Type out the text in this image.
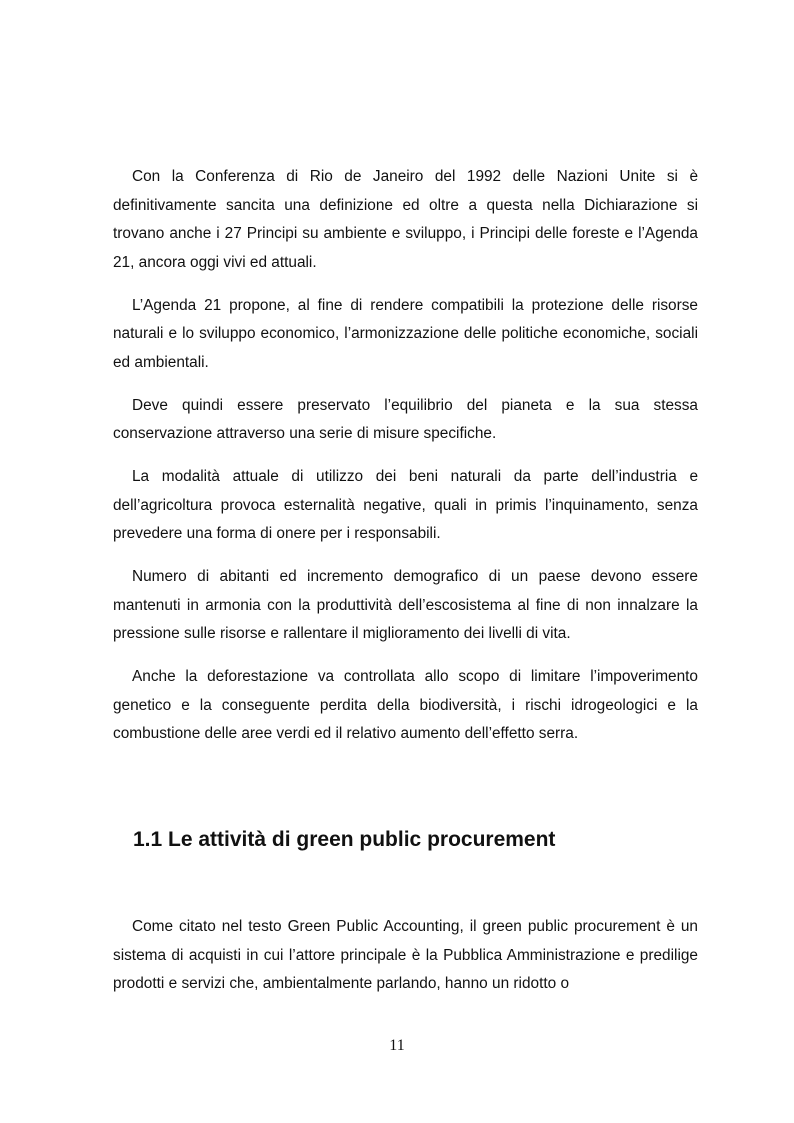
Con la Conferenza di Rio de Janeiro del 1992 delle Nazioni Unite si è definitivamente sancita una definizione ed oltre a questa nella Dichiarazione si trovano anche i 27 Principi su ambiente e sviluppo, i Principi delle foreste e l’Agenda 21, ancora oggi vivi ed attuali.

L’Agenda 21 propone, al fine di rendere compatibili la protezione delle risorse naturali e lo sviluppo economico, l’armonizzazione delle politiche economiche, sociali ed ambientali.

Deve quindi essere preservato l’equilibrio del pianeta e la sua stessa conservazione attraverso una serie di misure specifiche.

La modalità attuale di utilizzo dei beni naturali da parte dell’industria e dell’agricoltura provoca esternalità negative, quali in primis l’inquinamento, senza prevedere una forma di onere per i responsabili.

Numero di abitanti ed incremento demografico di un paese devono essere mantenuti in armonia con la produttività dell’escosistema al fine di non innalzare la pressione sulle risorse e rallentare il miglioramento dei livelli di vita.

Anche la deforestazione va controllata allo scopo di limitare l’impoverimento genetico e la conseguente perdita della biodiversità, i rischi idrogeologici e la combustione delle aree verdi ed il relativo aumento dell’effetto serra.

1.1 Le attività di green public procurement

Come citato nel testo Green Public Accounting, il green public procurement è un sistema di acquisti in cui l’attore principale è la Pubblica Amministrazione e predilige prodotti e servizi che, ambientalmente parlando, hanno un ridotto o

11
